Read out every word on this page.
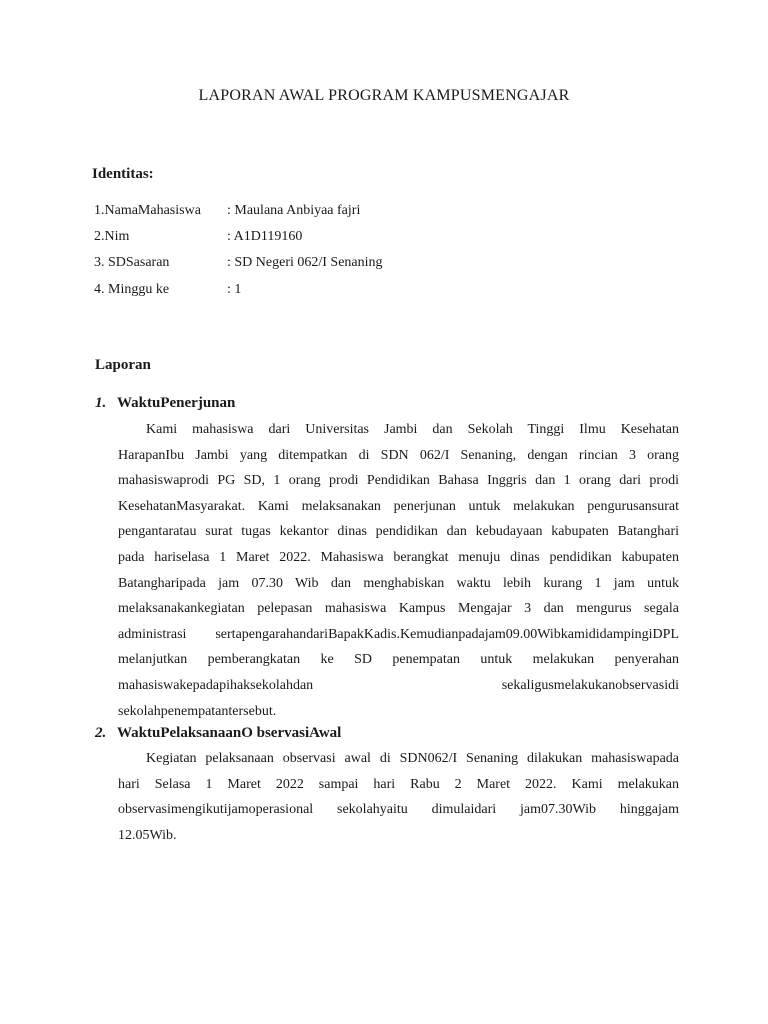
LAPORAN AWAL PROGRAM KAMPUSMENGAJAR
Identitas:
1.NamaMahasiswa : Maulana Anbiyaa fajri
2.Nim	: A1D119160
3. SDSasaran	: SD Negeri 062/I Senaning
4. Minggu ke	: 1
Laporan
1. WaktuPenerjunan
Kami mahasiswa dari Universitas Jambi dan Sekolah Tinggi Ilmu Kesehatan
HarapanIbu Jambi yang ditempatkan di SDN 062/I Senaning, dengan rincian 3 orang
mahasiswaprodi PG SD, 1 orang prodi Pendidikan Bahasa Inggris dan 1 orang dari prodi
KesehatanMasyarakat. Kami melaksanakan penerjunan untuk melakukan pengurusansurat
pengantaratau surat tugas kekantor dinas pendidikan dan kebudayaan kabupaten Batanghari
pada hariselasa 1 Maret 2022. Mahasiswa berangkat menuju dinas pendidikan kabupaten
Batangharipada jam 07.30 Wib dan menghabiskan waktu lebih kurang 1 jam untuk
melaksanakankegiatan pelepasan mahasiswa Kampus Mengajar 3 dan mengurus segala
administrasi sertapengarahandariBapakKadis.Kemudianpadajam09.00WibkamididampingiDPL
melanjutkan pemberangkatan ke SD penempatan untuk melakukan penyerahan
mahasiswakepadapihaksekolahdan sekaligusmelakukanobservasidi
sekolahpenempatantersebut.
2. WaktuPelaksanaanO bservasiAwal
Kegiatan pelaksanaan observasi awal di SDN062/I Senaning dilakukan mahasiswapada
hari Selasa 1 Maret 2022 sampai hari Rabu 2 Maret 2022. Kami melakukan
observasimengikutijamoperasional sekolahyaitu dimulaidari jam07.30Wib hinggajam
12.05Wib.
